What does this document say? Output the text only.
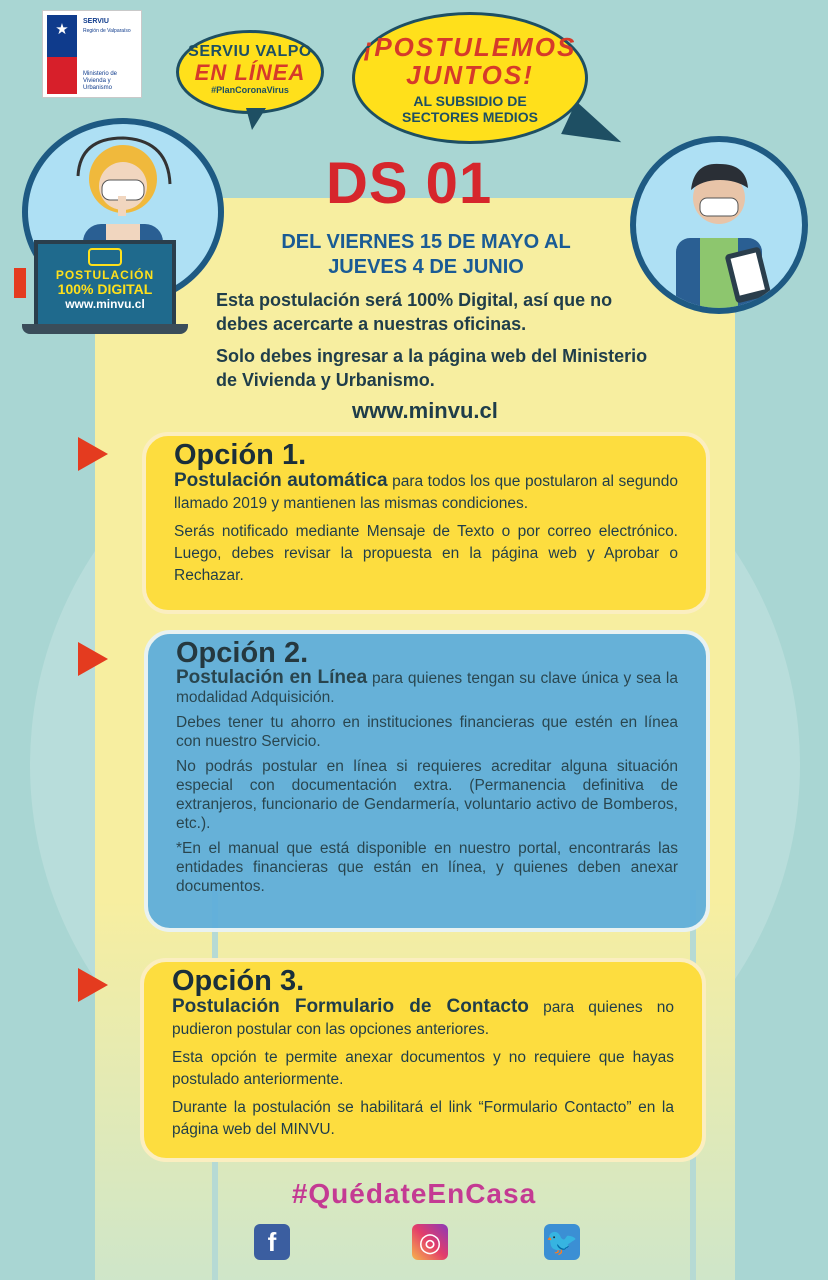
★	SERVIU
Región de Valparaíso
Ministerio de Vivienda y Urbanismo
SERVIU VALPO
EN LÍNEA
#PlanCoronaVirus
¡POSTULEMOS
JUNTOS!
AL SUBSIDIO DE SECTORES MEDIOS
POSTULACIÓN
100% DIGITAL
www.minvu.cl
DS 01
DEL VIERNES 15 DE MAYO AL JUEVES 4 DE JUNIO

Esta postulación será 100% Digital, así que no debes acercarte a nuestras oficinas.

Solo debes ingresar a la página web del Ministerio de Vivienda y Urbanismo.

www.minvu.cl
Opción 1.

Postulación automática para todos los que postularon al segundo llamado 2019 y mantienen las mismas condiciones.

Serás notificado mediante Mensaje de Texto o por correo electrónico. Luego, debes revisar la propuesta en la página web y Aprobar o Rechazar.

Opción 2.

Postulación en Línea para quienes tengan su clave única y sea la modalidad Adquisición.

Debes tener tu ahorro en instituciones financieras que estén en línea con nuestro Servicio.

No podrás postular en línea si requieres acreditar alguna situación especial con documentación extra. (Permanencia definitiva de extranjeros, funcionario de Gendarmería, voluntario activo de Bomberos, etc.).

*En el manual que está disponible en nuestro portal, encontrarás las entidades financieras que están en línea, y quienes deben anexar documentos.

Opción 3.

Postulación Formulario de Contacto para quienes no pudieron postular con las opciones anteriores.

Esta opción te permite anexar documentos y no requiere que hayas postulado anteriormente.

Durante la postulación se habilitará el link “Formulario Contacto” en la página web del MINVU.

#QuédateEnCasa
f	◎	🐦
